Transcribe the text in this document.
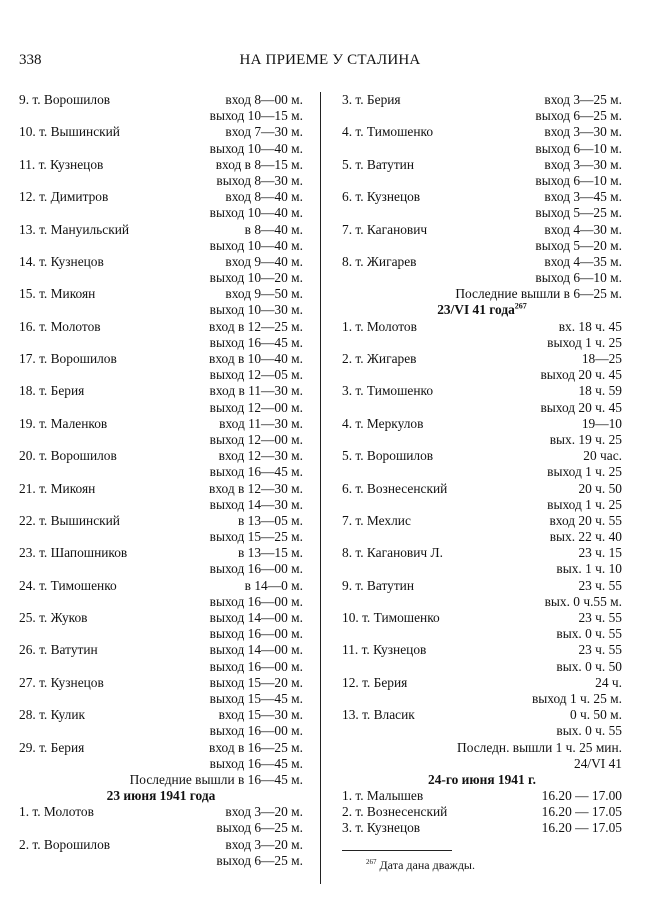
338	НА ПРИЕМЕ У СТАЛИНА
9. т. Ворошилов	вход 8—00 м.
выход 10—15 м.
10. т. Вышинский	вход 7—30 м.
выход 10—40 м.
11. т. Кузнецов	вход в 8—15 м.
выход 8—30 м.
12. т. Димитров	вход 8—40 м.
выход 10—40 м.
13. т. Мануильский	в 8—40 м.
выход 10—40 м.
14. т. Кузнецов	вход 9—40 м.
выход 10—20 м.
15. т. Микоян	вход 9—50 м.
выход 10—30 м.
16. т. Молотов	вход в 12—25 м.
выход 16—45 м.
17. т. Ворошилов	вход в 10—40 м.
выход 12—05 м.
18. т. Берия	вход в 11—30 м.
выход 12—00 м.
19. т. Маленков	вход 11—30 м.
выход 12—00 м.
20. т. Ворошилов	вход 12—30 м.
выход 16—45 м.
21. т. Микоян	вход в 12—30 м.
выход 14—30 м.
22. т. Вышинский	в 13—05 м.
выход 15—25 м.
23. т. Шапошников	в 13—15 м.
выход 16—00 м.
24. т. Тимошенко	в 14—0 м.
выход 16—00 м.
25. т. Жуков	выход 14—00 м.
выход 16—00 м.
26. т. Ватутин	выход 14—00 м.
выход 16—00 м.
27. т. Кузнецов	выход 15—20 м.
выход 15—45 м.
28. т. Кулик	вход 15—30 м.
выход 16—00 м.
29. т. Берия	вход в 16—25 м.
выход 16—45 м.
Последние вышли в 16—45 м.
23 июня 1941 года
1. т. Молотов	вход 3—20 м.
выход 6—25 м.
2. т. Ворошилов	вход 3—20 м.
выход 6—25 м.
3. т. Берия	вход 3—25 м.
выход 6—25 м.
4. т. Тимошенко	вход 3—30 м.
выход 6—10 м.
5. т. Ватутин	вход 3—30 м.
выход 6—10 м.
6. т. Кузнецов	вход 3—45 м.
выход 5—25 м.
7. т. Каганович	вход 4—30 м.
выход 5—20 м.
8. т. Жигарев	вход 4—35 м.
выход 6—10 м.
Последние вышли в 6—25 м.
23/VI 41 года$^{267}$
1. т. Молотов	вх. 18 ч. 45
выход 1 ч. 25
2. т. Жигарев	18—25
выход 20 ч. 45
3. т. Тимошенко	18 ч. 59
выход 20 ч. 45
4. т. Меркулов	19—10
вых. 19 ч. 25
5. т. Ворошилов	20 час.
выход 1 ч. 25
6. т. Вознесенский	20 ч. 50
выход 1 ч. 25
7. т. Мехлис	вход 20 ч. 55
вых. 22 ч. 40
8. т. Каганович Л.	23 ч. 15
вых. 1 ч. 10
9. т. Ватутин	23 ч. 55
вых. 0 ч.55 м.
10. т. Тимошенко	23 ч. 55
вых. 0 ч. 55
11. т. Кузнецов	23 ч. 55
вых. 0 ч. 50
12. т. Берия	24 ч.
выход 1 ч. 25 м.
13. т. Власик	0 ч. 50 м.
вых. 0 ч. 55
Последн. вышли 1 ч. 25 мин.
24/VI 41
24-го июня 1941 г.
1. т. Малышев	16.20 — 17.00
2. т. Вознесенский	16.20 — 17.05
3. т. Кузнецов	16.20 — 17.05
$^{267}$ Дата дана дважды.
